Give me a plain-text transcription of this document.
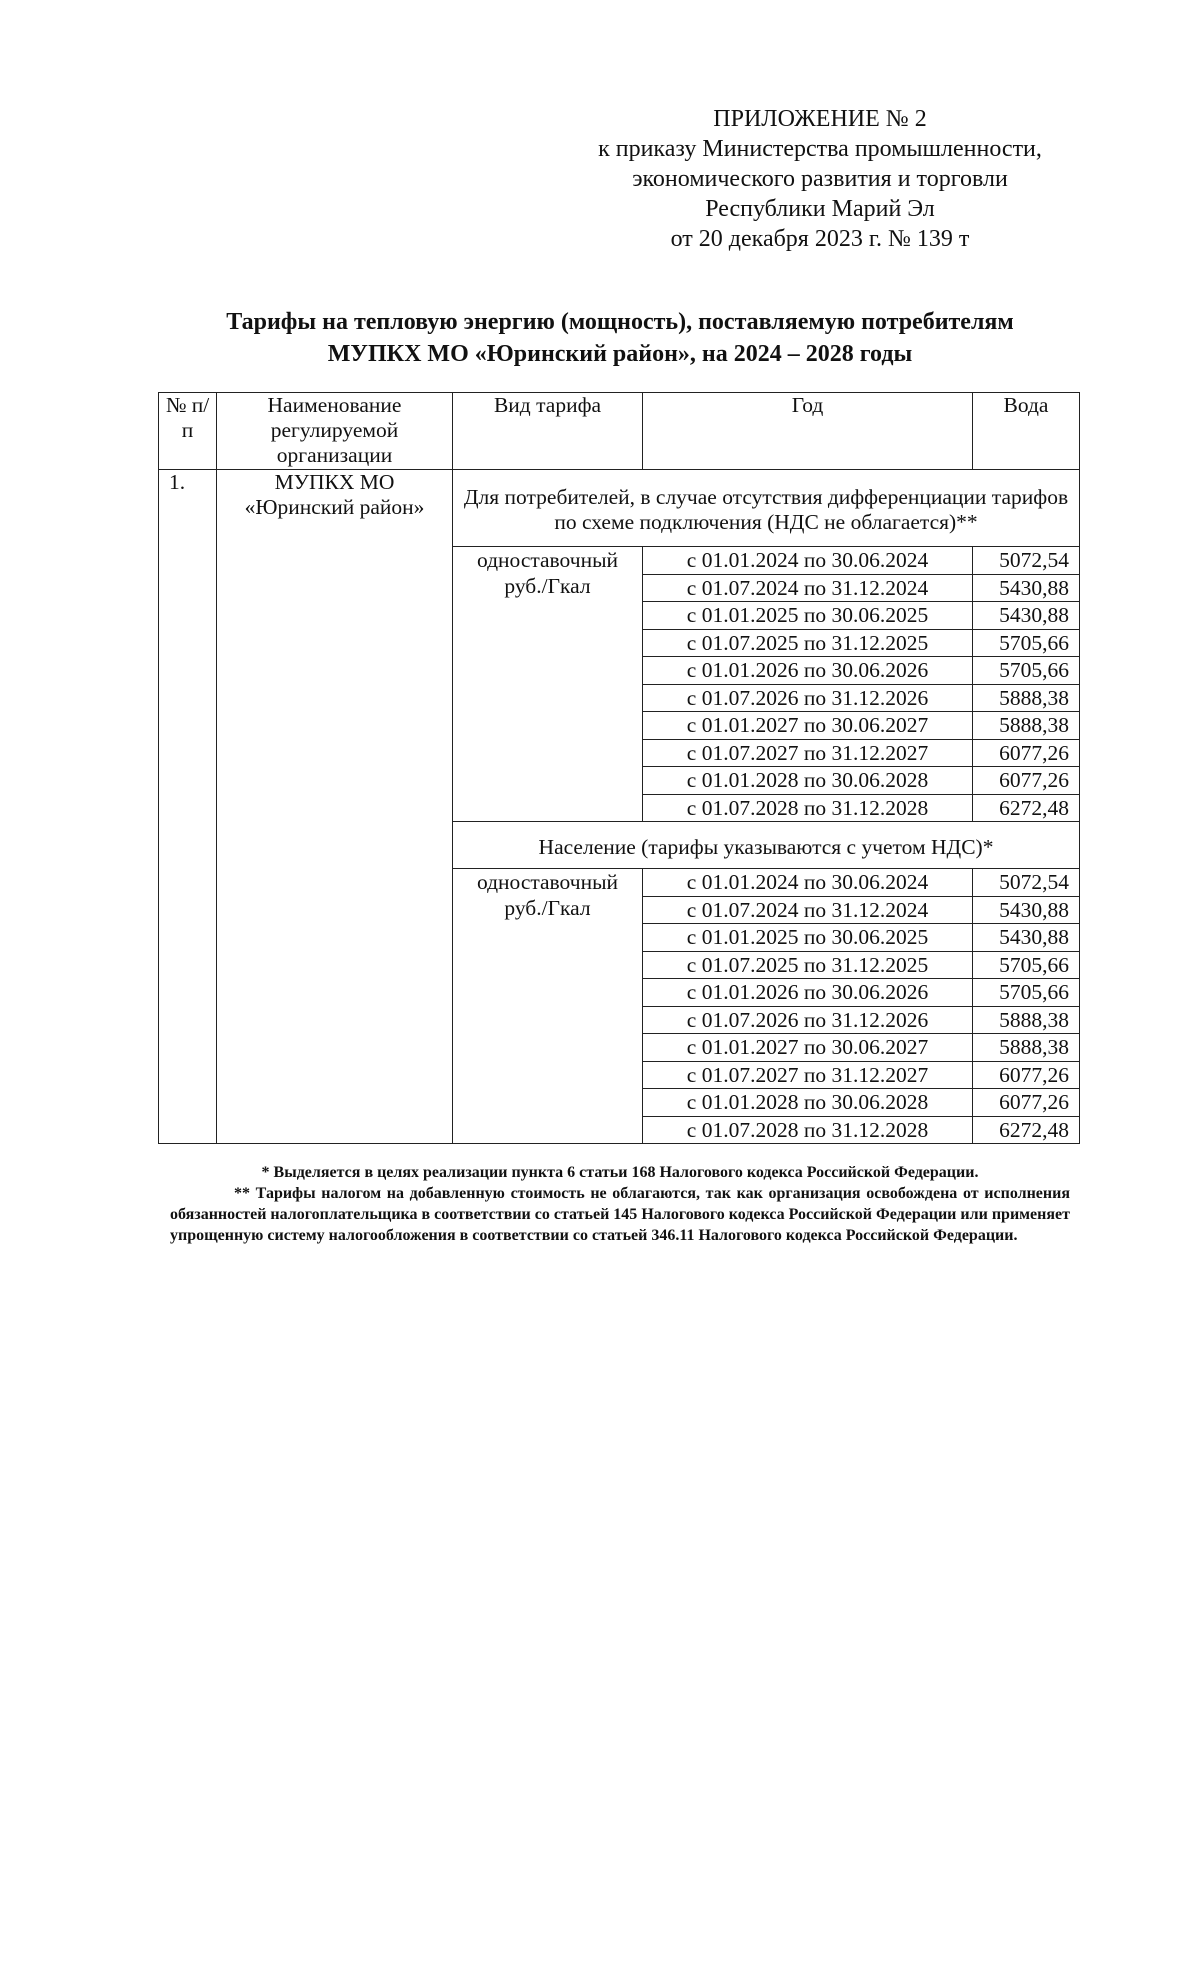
ПРИЛОЖЕНИЕ № 2
к приказу Министерства промышленности,
экономического развития и торговли
Республики Марий Эл
от 20 декабря 2023 г. № 139 т
Тарифы на тепловую энергию (мощность), поставляемую потребителям
МУПКХ МО «Юринский район», на 2024 – 2028 годы
№ п/п	Наименование регулируемой организации	Вид тарифа	Год	Вода
1.	МУПКХ МО «Юринский район»	Для потребителей, в случае отсутствия дифференциации тарифов по схеме подключения (НДС не облагается)**		
		одноставочный руб./Гкал	с 01.01.2024 по 30.06.2024	5072,54
			с 01.07.2024 по 31.12.2024	5430,88
			с 01.01.2025 по 30.06.2025	5430,88
			с 01.07.2025 по 31.12.2025	5705,66
			с 01.01.2026 по 30.06.2026	5705,66
			с 01.07.2026 по 31.12.2026	5888,38
			с 01.01.2027 по 30.06.2027	5888,38
			с 01.07.2027 по 31.12.2027	6077,26
			с 01.01.2028 по 30.06.2028	6077,26
			с 01.07.2028 по 31.12.2028	6272,48
		Население (тарифы указываются с учетом НДС)*		
		одноставочный руб./Гкал	с 01.01.2024 по 30.06.2024	5072,54
			с 01.07.2024 по 31.12.2024	5430,88
			с 01.01.2025 по 30.06.2025	5430,88
			с 01.07.2025 по 31.12.2025	5705,66
			с 01.01.2026 по 30.06.2026	5705,66
			с 01.07.2026 по 31.12.2026	5888,38
			с 01.01.2027 по 30.06.2027	5888,38
			с 01.07.2027 по 31.12.2027	6077,26
			с 01.01.2028 по 30.06.2028	6077,26
			с 01.07.2028 по 31.12.2028	6272,48
* Выделяется в целях реализации пункта 6 статьи 168 Налогового кодекса Российской Федерации.
** Тарифы налогом на добавленную стоимость не облагаются, так как организация освобождена от исполнения обязанностей налогоплательщика в соответствии со статьей 145 Налогового кодекса Российской Федерации или применяет упрощенную систему налогообложения в соответствии со статьей 346.11 Налогового кодекса Российской Федерации.
